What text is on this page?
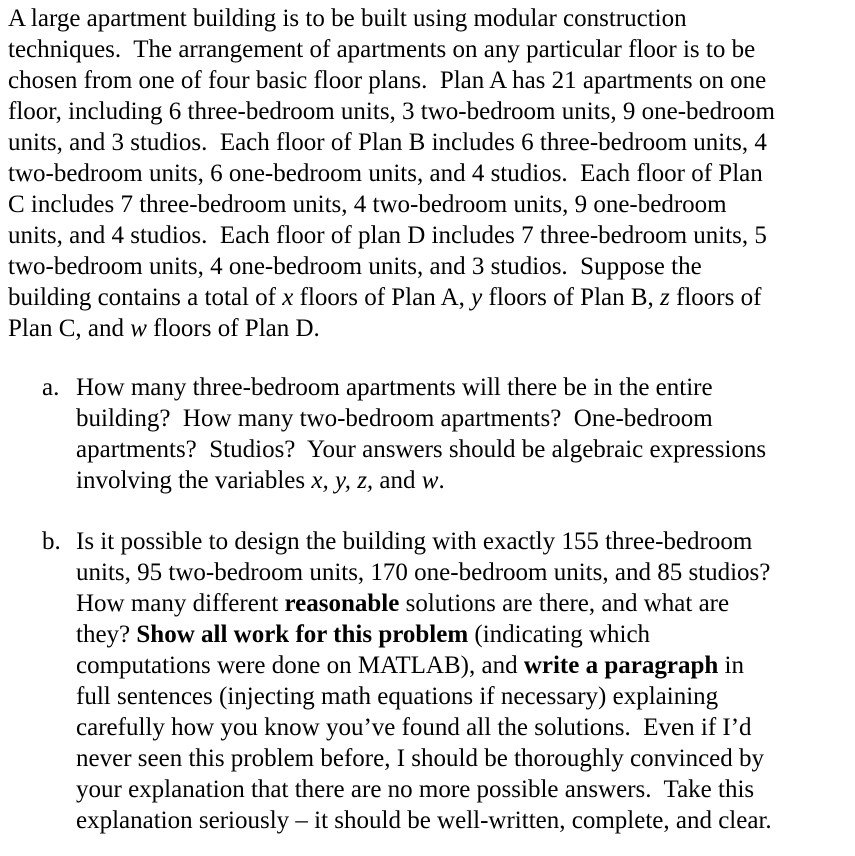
A large apartment building is to be built using modular construction
techniques.  The arrangement of apartments on any particular floor is to be
chosen from one of four basic floor plans.  Plan A has 21 apartments on one
floor, including 6 three-bedroom units, 3 two-bedroom units, 9 one-bedroom
units, and 3 studios.  Each floor of Plan B includes 6 three-bedroom units, 4
two-bedroom units, 6 one-bedroom units, and 4 studios.  Each floor of Plan
C includes 7 three-bedroom units, 4 two-bedroom units, 9 one-bedroom
units, and 4 studios.  Each floor of plan D includes 7 three-bedroom units, 5
two-bedroom units, 4 one-bedroom units, and 3 studios.  Suppose the
building contains a total of x floors of Plan A, y floors of Plan B, z floors of
Plan C, and w floors of Plan D.
a. How many three-bedroom apartments will there be in the entire
building?  How many two-bedroom apartments?  One-bedroom
apartments?  Studios?  Your answers should be algebraic expressions
involving the variables x, y, z, and w.
b. Is it possible to design the building with exactly 155 three-bedroom
units, 95 two-bedroom units, 170 one-bedroom units, and 85 studios?
How many different reasonable solutions are there, and what are
they? Show all work for this problem (indicating which
computations were done on MATLAB), and write a paragraph in
full sentences (injecting math equations if necessary) explaining
carefully how you know you’ve found all the solutions.  Even if I’d
never seen this problem before, I should be thoroughly convinced by
your explanation that there are no more possible answers.  Take this
explanation seriously – it should be well-written, complete, and clear.
